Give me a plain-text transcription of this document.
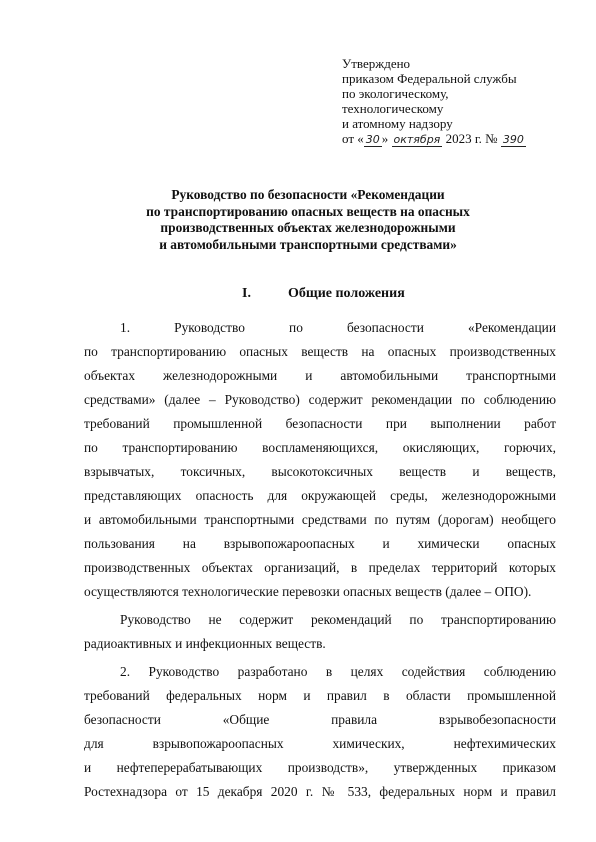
Утверждено
приказом Федеральной службы
по экологическому,
технологическому
и атомному надзору
от « 30 » октября 2023 г. № 390
Руководство по безопасности «Рекомендации
по транспортированию опасных веществ на опасных
производственных объектах железнодорожными
и автомобильными транспортными средствами»
I.	Общие положения
1. Руководство по безопасности «Рекомендации
по транспортированию опасных веществ на опасных производственных
объектах железнодорожными и автомобильными транспортными
средствами» (далее – Руководство) содержит рекомендации по соблюдению
требований промышленной безопасности при выполнении работ
по транспортированию воспламеняющихся, окисляющих, горючих,
взрывчатых, токсичных, высокотоксичных веществ и веществ,
представляющих опасность для окружающей среды, железнодорожными
и автомобильными транспортными средствами по путям (дорогам) необщего
пользования на взрывопожароопасных и химически опасных
производственных объектах организаций, в пределах территорий которых
осуществляются технологические перевозки опасных веществ (далее – ОПО).
Руководство не содержит рекомендаций по транспортированию
радиоактивных и инфекционных веществ.
2. Руководство разработано в целях содействия соблюдению
требований федеральных норм и правил в области промышленной
безопасности «Общие правила взрывобезопасности
для взрывопожароопасных химических, нефтехимических
и нефтеперерабатывающих производств», утвержденных приказом
Ростехнадзора от 15 декабря 2020 г. № 533, федеральных норм и правил
